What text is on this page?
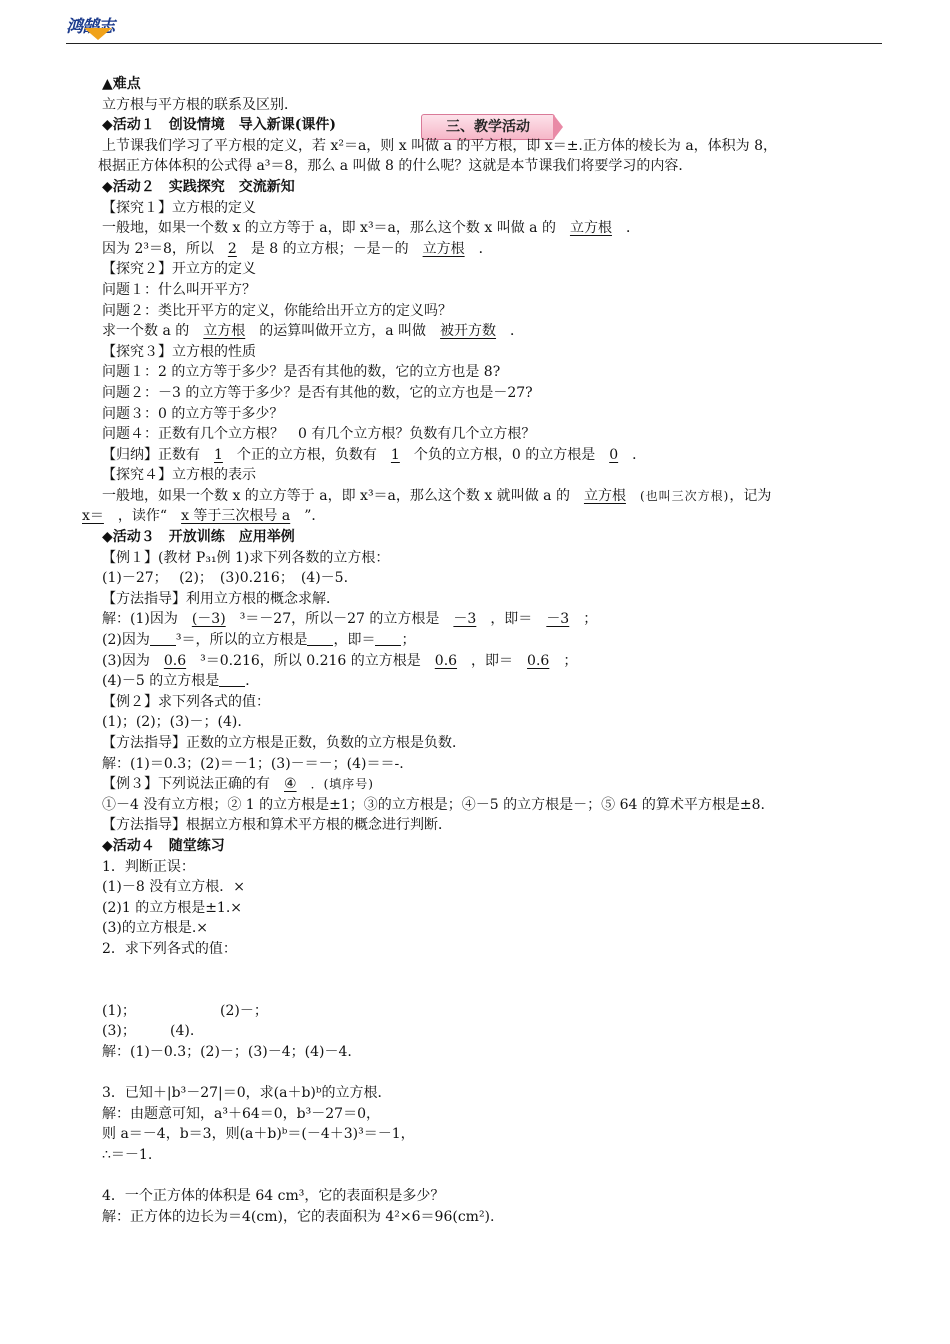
鸿鹄志
三、教学活动
▲难点
立方根与平方根的联系及区别．
◆活动１　创设情境　导入新课(课件)
上节课我们学习了平方根的定义，若 x²＝a，则 x 叫做 a 的平方根，即 x＝±.正方体的棱长为 a，体积为 8，
根据正方体体积的公式得 a³＝8，那么 a 叫做 8 的什么呢？这就是本节课我们将要学习的内容．
◆活动２　实践探究　交流新知
【探究１】立方根的定义
一般地，如果一个数 x 的立方等于 a，即 x³＝a，那么这个数 x 叫做 a 的 立方根 ．
因为 2³＝8，所以 2 是 8 的立方根；－是－的 立方根 ．
【探究２】开立方的定义
问题１：什么叫开平方？
问题２：类比开平方的定义，你能给出开立方的定义吗？
求一个数 a 的 立方根 的运算叫做开立方，a 叫做 被开方数 ．
【探究３】立方根的性质
问题１：2 的立方等于多少？是否有其他的数，它的立方也是 8?
问题２：－3 的立方等于多少？是否有其他的数，它的立方也是－27?
问题３：0 的立方等于多少？
问题４：正数有几个立方根？　0 有几个立方根？负数有几个立方根？
【归纳】正数有 1 个正的立方根，负数有 1 个负的立方根，0 的立方根是 0 ．
【探究４】立方根的表示
一般地，如果一个数 x 的立方等于 a，即 x³＝a，那么这个数 x 就叫做 a 的 立方根 (也叫三次方根)，记为
x＝ ，读作“ x 等于三次根号 a ”．
◆活动３　开放训练　应用举例
【例１】(教材 P₃₁例 1)求下列各数的立方根：
(1)－27；　 (2)；　(3)0.216；　(4)－5.
【方法指导】利用立方根的概念求解．
解：(1)因为 (－3) ³＝－27，所以－27 的立方根是 －3 ，即＝ －3 ；
(2)因为 ³＝，所以的立方根是 ，即＝ ；
(3)因为 0.6 ³＝0.216，所以 0.216 的立方根是 0.6 ，即＝ 0.6 ；
(4)－5 的立方根是 ．
【例２】求下列各式的值：
(1)；(2)；(3)－；(4).
【方法指导】正数的立方根是正数，负数的立方根是负数．
解：(1)＝0.3；(2)＝－1；(3)－＝－；(4)＝＝-.
【例３】下列说法正确的有 ④ ．(填序号)
①－4 没有立方根；② 1 的立方根是±1；③的立方根是；④－5 的立方根是－；⑤ 64 的算术平方根是±8.
【方法指导】根据立方根和算术平方根的概念进行判断．
◆活动４　随堂练习
1．判断正误：
(1)－8 没有立方根．×
(2)1 的立方根是±1.×
(3)的立方根是.×
2．求下列各式的值：
(1)；	(2)－；
(3)； (4).
解：(1)－0.3；(2)－；(3)－4；(4)－4.
3．已知＋|b³－27|＝0，求(a＋b)ᵇ的立方根．
解：由题意可知，a³＋64＝0，b³－27＝0，
则 a＝－4，b＝3，则(a＋b)ᵇ＝(－4＋3)³＝－1，
∴＝－1.
4．一个正方体的体积是 64 cm³，它的表面积是多少？
解：正方体的边长为＝4(cm)，它的表面积为 4²×6＝96(cm²).
